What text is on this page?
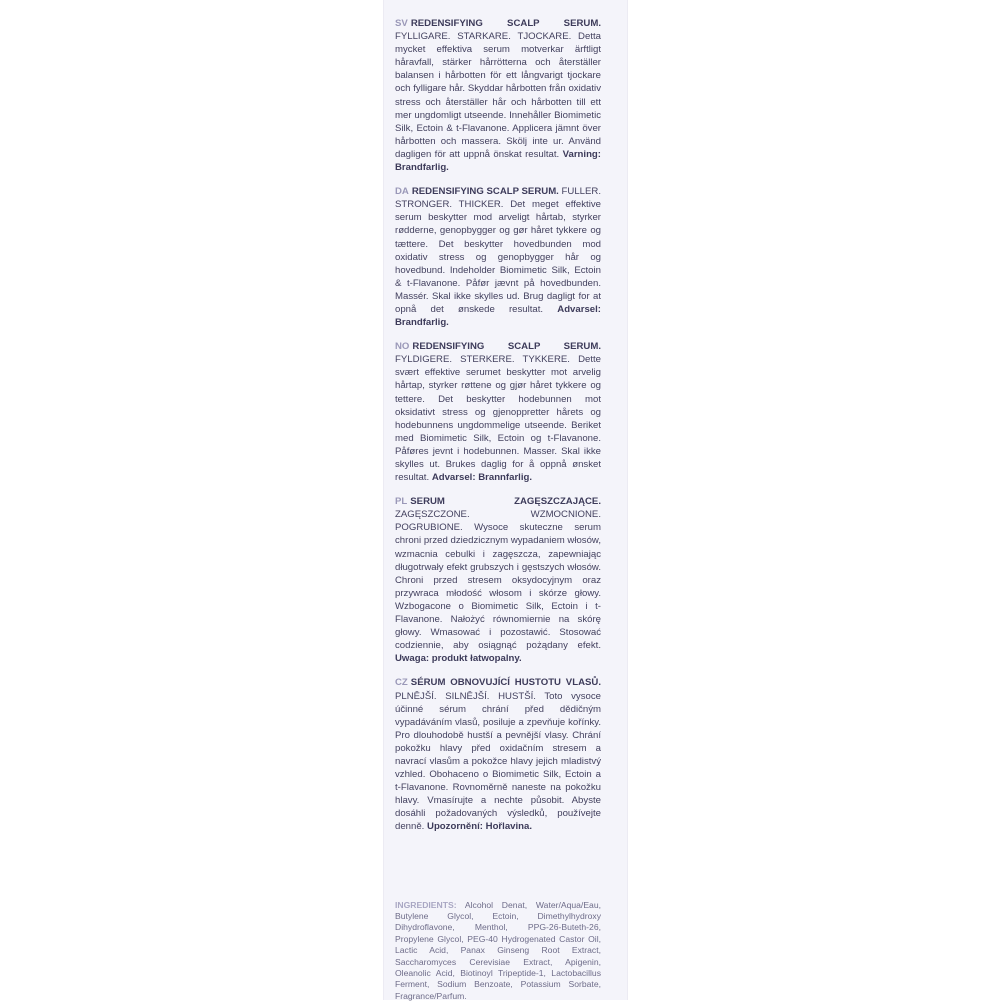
SV REDENSIFYING SCALP SERUM. FYLLIGARE. STARKARE. TJOCKARE. Detta mycket effektiva serum motverkar ärftligt håravfall, stärker hårrötterna och återställer balansen i hårbotten för ett långvarigt tjockare och fylligare hår. Skyddar hårbotten från oxidativ stress och återställer hår och hårbotten till ett mer ungdomligt utseende. Innehåller Biomimetic Silk, Ectoin & t-Flavanone. Applicera jämnt över hårbotten och massera. Skölj inte ur. Använd dagligen för att uppnå önskat resultat. Varning: Brandfarlig.

DA REDENSIFYING SCALP SERUM. FULLER. STRONGER. THICKER. Det meget effektive serum beskytter mod arveligt hårtab, styrker rødderne, genopbygger og gør håret tykkere og tættere. Det beskytter hovedbunden mod oxidativ stress og genopbygger hår og hovedbund. Indeholder Biomimetic Silk, Ectoin & t-Flavanone. Påfør jævnt på hovedbunden. Massér. Skal ikke skylles ud. Brug dagligt for at opnå det ønskede resultat. Advarsel: Brandfarlig.

NO REDENSIFYING SCALP SERUM. FYLDIGERE. STERKERE. TYKKERE. Dette svært effektive serumet beskytter mot arvelig hårtap, styrker røttene og gjør håret tykkere og tettere. Det beskytter hodebunnen mot oksidativt stress og gjenoppretter hårets og hodebunnens ungdommelige utseende. Beriket med Biomimetic Silk, Ectoin og t-Flavanone. Påføres jevnt i hodebunnen. Masser. Skal ikke skylles ut. Brukes daglig for å oppnå ønsket resultat. Advarsel: Brannfarlig.

PL SERUM ZAGĘSZCZAJĄCE. ZAGĘSZCZONE. WZMOCNIONE. POGRUBIONE. Wysoce skuteczne serum chroni przed dziedzicznym wypadaniem włosów, wzmacnia cebulki i zagęszcza, zapewniając długotrwały efekt grubszych i gęstszych włosów. Chroni przed stresem oksydocyjnym oraz przywraca młodość włosom i skórze głowy. Wzbogacone o Biomimetic Silk, Ectoin i t-Flavanone. Nałożyć równomiernie na skórę głowy. Wmasować i pozostawić. Stosować codziennie, aby osiągnąć pożądany efekt. Uwaga: produkt łatwopalny.

CZ SÉRUM OBNOVUJÍCÍ HUSTOTU VLASŮ. PLNĚJŠÍ. SILNĚJŠÍ. HUSTŠÍ. Toto vysoce účinné sérum chrání před dědičným vypadáváním vlasů, posiluje a zpevňuje kořínky. Pro dlouhodobě hustší a pevnější vlasy. Chrání pokožku hlavy před oxidačním stresem a navrací vlasům a pokožce hlavy jejich mladistvý vzhled. Obohaceno o Biomimetic Silk, Ectoin a t-Flavanone. Rovnoměrně naneste na pokožku hlavy. Vmasírujte a nechte působit. Abyste dosáhli požadovaných výsledků, používejte denně. Upozornění: Hořlavina.

INGREDIENTS: Alcohol Denat, Water/Aqua/Eau, Butylene Glycol, Ectoin, Dimethylhydroxy Dihydroflavone, Menthol, PPG-26-Buteth-26, Propylene Glycol, PEG-40 Hydrogenated Castor Oil, Lactic Acid, Panax Ginseng Root Extract, Saccharomyces Cerevisiae Extract, Apigenin, Oleanolic Acid, Biotinoyl Tripeptide-1, Lactobacillus Ferment, Sodium Benzoate, Potassium Sorbate, Fragrance/Parfum.
